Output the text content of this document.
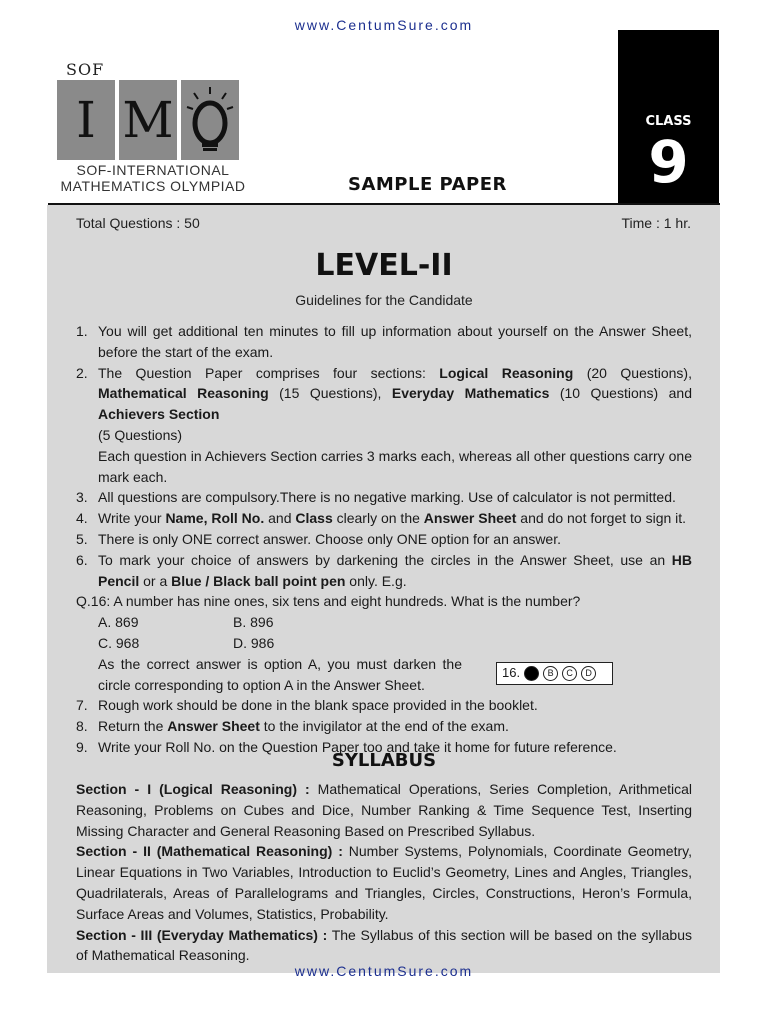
www.CentumSure.com
SOF
I M
SOF-INTERNATIONAL
MATHEMATICS OLYMPIAD	SAMPLE PAPER
CLASS
9
Total Questions : 50	Time : 1 hr.
LEVEL-II
Guidelines for the Candidate
1. You will get additional ten minutes to fill up information about yourself on the Answer Sheet, before the start of the exam.
2. The Question Paper comprises four sections: Logical Reasoning (20 Questions), Mathematical Reasoning (15 Questions), Everyday Mathematics (10 Questions) and Achievers Section
(5 Questions)
Each question in Achievers Section carries 3 marks each, whereas all other questions carry one mark each.
3. All questions are compulsory.There is no negative marking. Use of calculator is not permitted.
4. Write your Name, Roll No. and Class clearly on the Answer Sheet and do not forget to sign it.
5. There is only ONE correct answer. Choose only ONE option for an answer.
6. To mark your choice of answers by darkening the circles in the Answer Sheet, use an HB Pencil or a Blue / Black ball point pen only. E.g.
Q.16: A number has nine ones, six tens and eight hundreds. What is the number?
A. 869	B. 896
C. 968	D. 986
As the correct answer is option A, you must darken the circle corresponding to option A in the Answer Sheet.
16.	B	C	D
7. Rough work should be done in the blank space provided in the booklet.
8. Return the Answer Sheet to the invigilator at the end of the exam.
9. Write your Roll No. on the Question Paper too and take it home for future reference.
SYLLABUS
Section - I (Logical Reasoning) : Mathematical Operations, Series Completion, Arithmetical Reasoning, Problems on Cubes and Dice, Number Ranking & Time Sequence Test, Inserting Missing Character and General Reasoning Based on Prescribed Syllabus.
Section - II (Mathematical Reasoning) : Number Systems, Polynomials, Coordinate Geometry, Linear Equations in Two Variables, Introduction to Euclid’s Geometry, Lines and Angles, Triangles, Quadrilaterals, Areas of Parallelograms and Triangles, Circles, Constructions, Heron’s Formula, Surface Areas and Volumes, Statistics, Probability.
Section - III (Everyday Mathematics) : The Syllabus of this section will be based on the syllabus of Mathematical Reasoning.
www.CentumSure.com
